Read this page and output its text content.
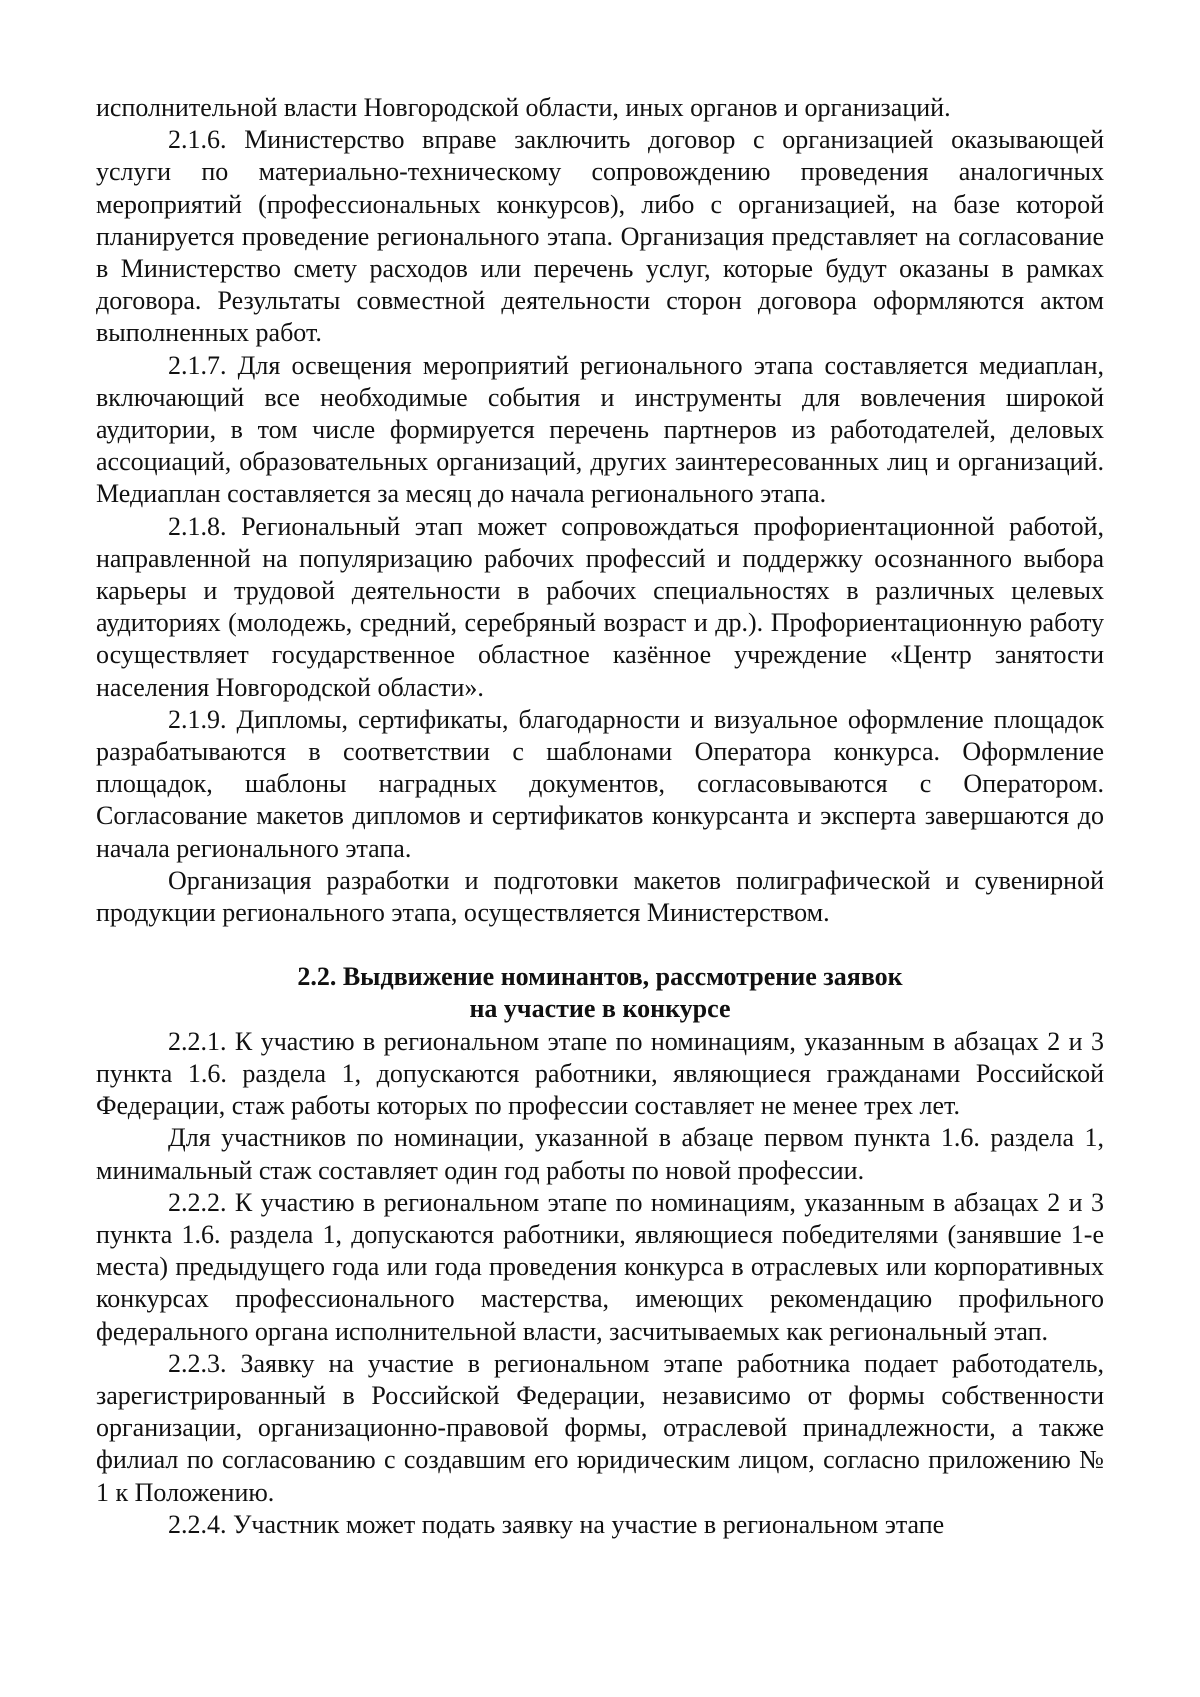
исполнительной власти Новгородской области, иных органов и организаций.

2.1.6. Министерство вправе заключить договор с организацией оказывающей услуги по материально-техническому сопровождению проведения аналогичных мероприятий (профессиональных конкурсов), либо с организацией, на базе которой планируется проведение регионального этапа. Организация представляет на согласование в Министерство смету расходов или перечень услуг, которые будут оказаны в рамках договора. Результаты совместной деятельности сторон договора оформляются актом выполненных работ.

2.1.7. Для освещения мероприятий регионального этапа составляется медиаплан, включающий все необходимые события и инструменты для вовлечения широкой аудитории, в том числе формируется перечень партнеров из работодателей, деловых ассоциаций, образовательных организаций, других заинтересованных лиц и организаций. Медиаплан составляется за месяц до начала регионального этапа.

2.1.8. Региональный этап может сопровождаться профориентационной работой, направленной на популяризацию рабочих профессий и поддержку осознанного выбора карьеры и трудовой деятельности в рабочих специальностях в различных целевых аудиториях (молодежь, средний, серебряный возраст и др.). Профориентационную работу осуществляет государственное областное казённое учреждение «Центр занятости населения Новгородской области».

2.1.9. Дипломы, сертификаты, благодарности и визуальное оформление площадок разрабатываются в соответствии с шаблонами Оператора конкурса. Оформление площадок, шаблоны наградных документов, согласовываются с Оператором. Согласование макетов дипломов и сертификатов конкурсанта и эксперта завершаются до начала регионального этапа.

Организация разработки и подготовки макетов полиграфической и сувенирной продукции регионального этапа, осуществляется Министерством.

2.2. Выдвижение номинантов, рассмотрение заявок
на участие в конкурсе

2.2.1. К участию в региональном этапе по номинациям, указанным в абзацах 2 и 3 пункта 1.6. раздела 1, допускаются работники, являющиеся гражданами Российской Федерации, стаж работы которых по профессии составляет не менее трех лет.

Для участников по номинации, указанной в абзаце первом пункта 1.6. раздела 1, минимальный стаж составляет один год работы по новой профессии.

2.2.2. К участию в региональном этапе по номинациям, указанным в абзацах 2 и 3 пункта 1.6. раздела 1, допускаются работники, являющиеся победителями (занявшие 1-е места) предыдущего года или года проведения конкурса в отраслевых или корпоративных конкурсах профессионального мастерства, имеющих рекомендацию профильного федерального органа исполнительной власти, засчитываемых как региональный этап.

2.2.3. Заявку на участие в региональном этапе работника подает работодатель, зарегистрированный в Российской Федерации, независимо от формы собственности организации, организационно-правовой формы, отраслевой принадлежности, а также филиал по согласованию с создавшим его юридическим лицом, согласно приложению № 1 к Положению.

2.2.4. Участник может подать заявку на участие в региональном этапе
